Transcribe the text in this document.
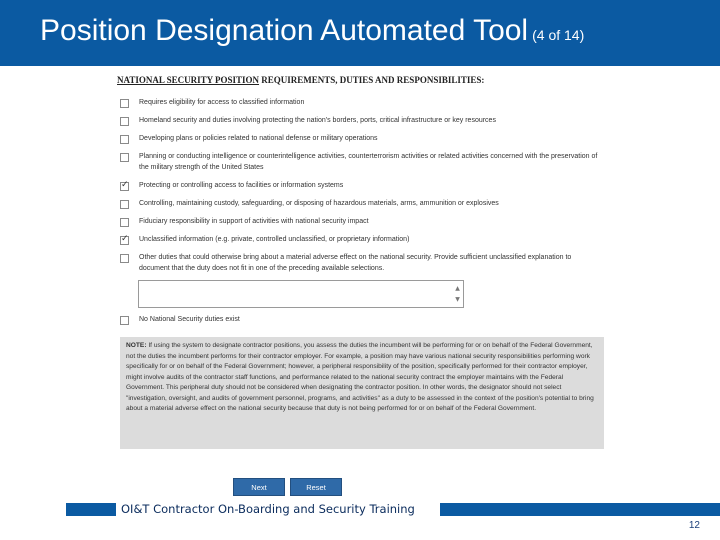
Position Designation Automated Tool (4 of 14)
NATIONAL SECURITY POSITION REQUIREMENTS, DUTIES AND RESPONSIBILITIES:
Requires eligibility for access to classified information
Homeland security and duties involving protecting the nation's borders, ports, critical infrastructure or key resources
Developing plans or policies related to national defense or military operations
Planning or conducting intelligence or counterintelligence activities, counterterrorism activities or related activities concerned with the preservation of the military strength of the United States
✓
Protecting or controlling access to facilities or information systems
Controlling, maintaining custody, safeguarding, or disposing of hazardous materials, arms, ammunition or explosives
Fiduciary responsibility in support of activities with national security impact
✓
Unclassified information (e.g. private, controlled unclassified, or proprietary information)
Other duties that could otherwise bring about a material adverse effect on the national security. Provide sufficient unclassified explanation to document that the duty does not fit in one of the preceding available selections.
▲
▼
No National Security duties exist
NOTE: If using the system to designate contractor positions, you assess the duties the incumbent will be performing for or on behalf of the Federal Government, not the duties the incumbent performs for their contractor employer. For example, a position may have various national security responsibilities performing work specifically for or on behalf of the Federal Government; however, a peripheral responsibility of the position, specifically performed for their contractor employer, might involve audits of the contractor staff functions, and performance related to the national security contract the employer maintains with the Federal Government. This peripheral duty should not be considered when designating the contractor position. In other words, the designator should not select "investigation, oversight, and audits of government personnel, programs, and activities" as a duty to be assessed in the context of the position's potential to bring about a material adverse effect on the national security because that duty is not being performed for or on behalf of the Federal Government.
Next	Reset
OI&T Contractor On-Boarding and Security Training
12
